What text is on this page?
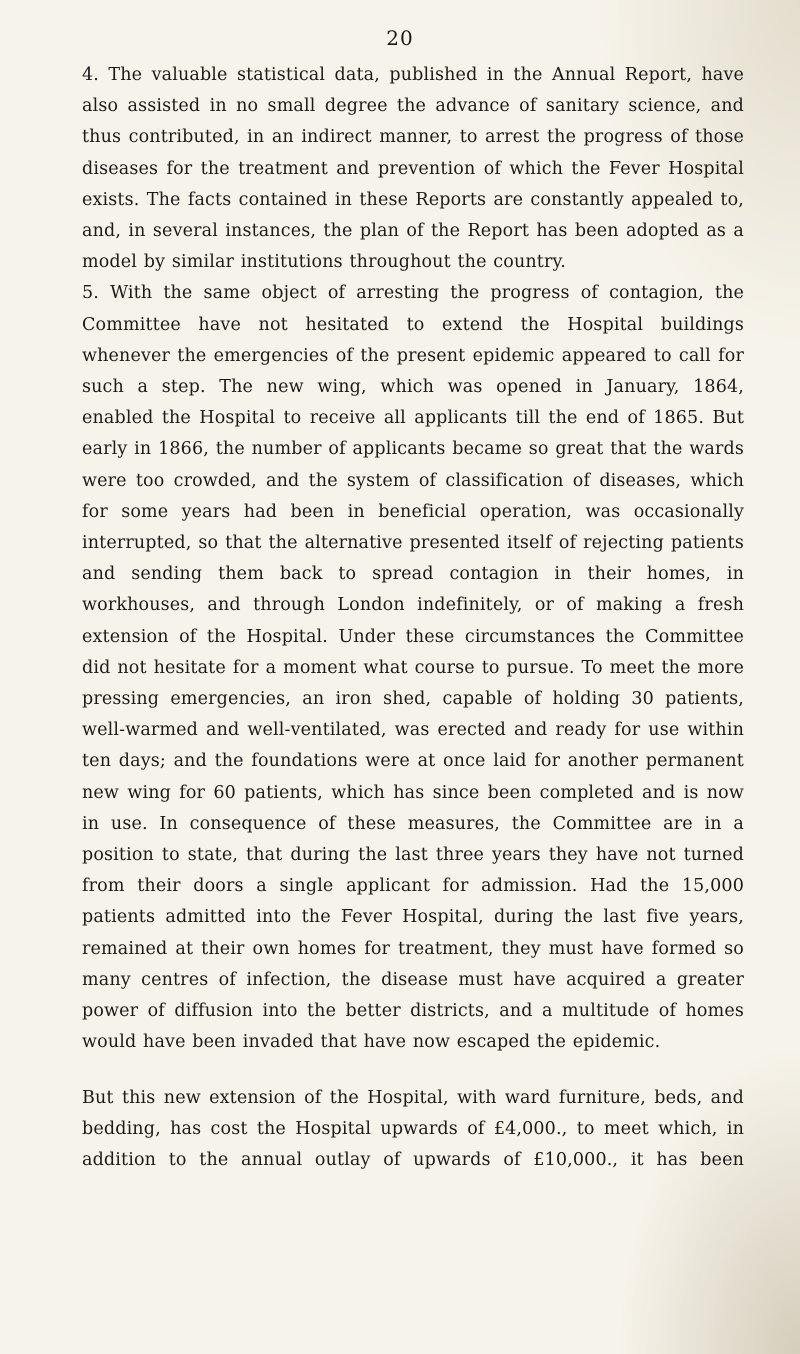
20

4. The valuable statistical data, published in the Annual Report, have also assisted in no small degree the advance of sanitary science, and thus contributed, in an indirect manner, to arrest the progress of those diseases for the treatment and prevention of which the Fever Hospital exists. The facts contained in these Reports are constantly appealed to, and, in several instances, the plan of the Report has been adopted as a model by similar institutions throughout the country.

5. With the same object of arresting the progress of contagion, the Committee have not hesitated to extend the Hospital buildings whenever the emergencies of the present epidemic appeared to call for such a step. The new wing, which was opened in January, 1864, enabled the Hospital to receive all applicants till the end of 1865. But early in 1866, the number of applicants became so great that the wards were too crowded, and the system of classification of diseases, which for some years had been in beneficial operation, was occasionally interrupted, so that the alternative presented itself of rejecting patients and sending them back to spread contagion in their homes, in workhouses, and through London indefinitely, or of making a fresh extension of the Hospital. Under these circumstances the Committee did not hesitate for a moment what course to pursue. To meet the more pressing emergencies, an iron shed, capable of holding 30 patients, well-warmed and well-ventilated, was erected and ready for use within ten days; and the foundations were at once laid for another permanent new wing for 60 patients, which has since been completed and is now in use. In consequence of these measures, the Committee are in a position to state, that during the last three years they have not turned from their doors a single applicant for admission. Had the 15,000 patients admitted into the Fever Hospital, during the last five years, remained at their own homes for treatment, they must have formed so many centres of infection, the disease must have acquired a greater power of diffusion into the better districts, and a multitude of homes would have been invaded that have now escaped the epidemic.

But this new extension of the Hospital, with ward furniture, beds, and bedding, has cost the Hospital upwards of £4,000., to meet which, in addition to the annual outlay of upwards of £10,000., it has been
